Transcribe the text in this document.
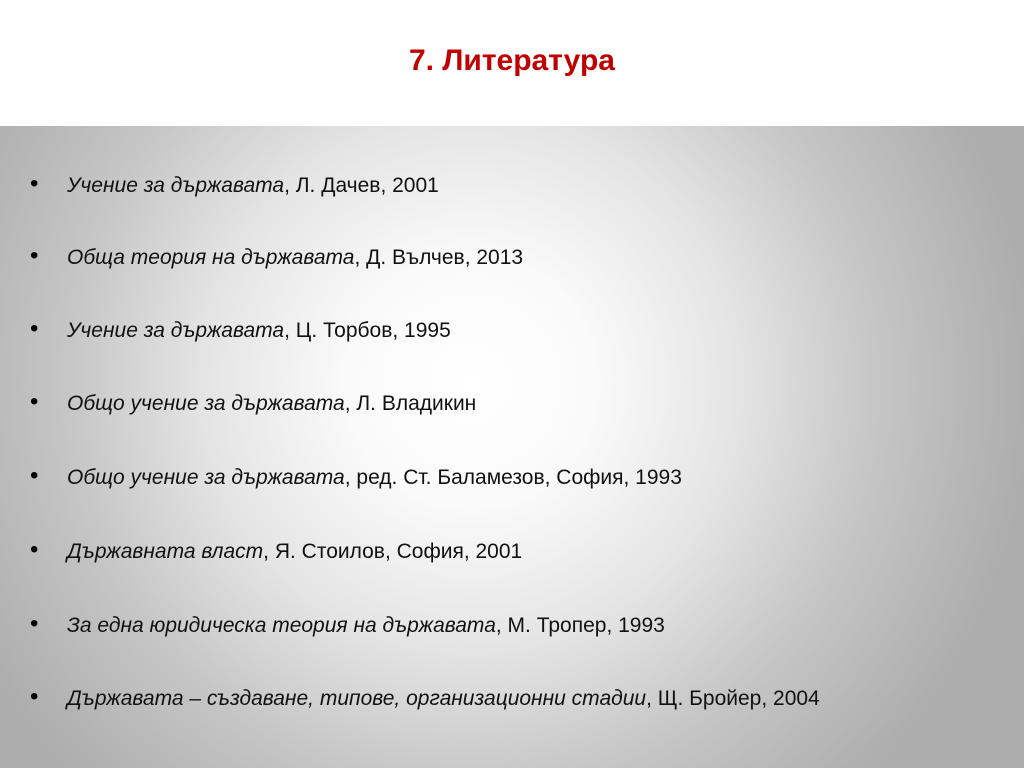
7. Литература
• Учение за държавата, Л. Дачев, 2001
• Обща теория на държавата, Д. Вълчев, 2013
• Учение за държавата, Ц. Торбов, 1995
• Общо учение за държавата, Л. Владикин
• Общо учение за държавата, ред. Ст. Баламезов, София, 1993
• Държавната власт, Я. Стоилов, София, 2001
• За една юридическа теория на държавата, М. Тропер, 1993
• Държавата – създаване, типове, организационни стадии, Щ. Бройер, 2004
